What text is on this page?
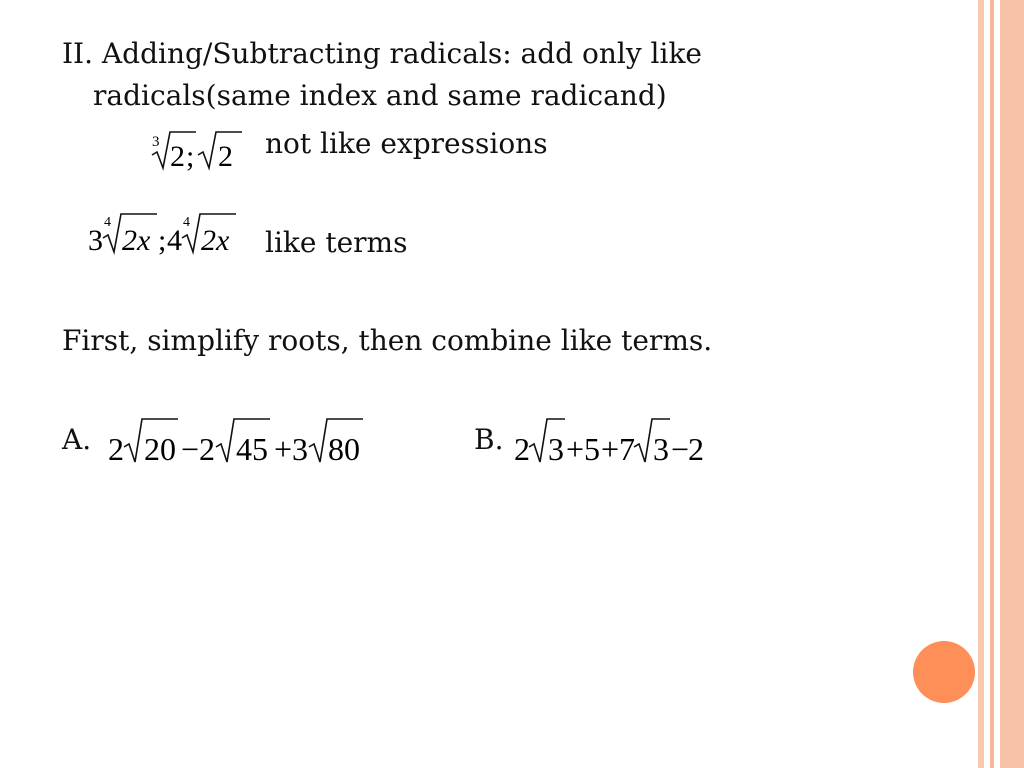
II. Adding/Subtracting radicals: add only like
radicals(same index and same radicand)
3 2 ; 2 not like expressions
3
4
2x ; 4
4
2x like terms
First, simplify roots, then combine like terms.
A. 2 20 − 2 45 + 3 80	B. 2 3 + 5 + 7 3 −
2
